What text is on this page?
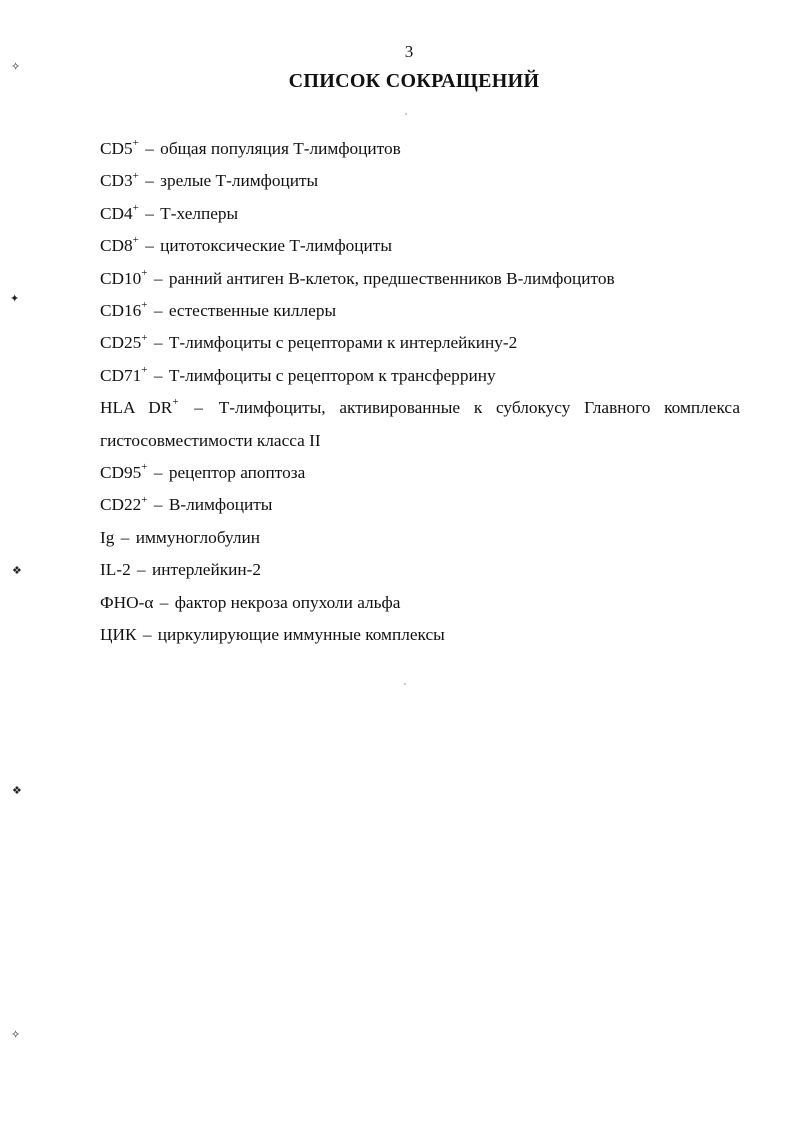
3
СПИСОК СОКРАЩЕНИЙ
CD5+ – общая популяция Т-лимфоцитов
CD3+ – зрелые Т-лимфоциты
CD4+ – Т-хелперы
CD8+ – цитотоксические Т-лимфоциты
CD10+ – ранний антиген В-клеток, предшественников В-лимфоцитов
CD16+ – естественные киллеры
CD25+ – Т-лимфоциты с рецепторами к интерлейкину-2
CD71+ – Т-лимфоциты с рецептором к трансферрину
HLA DR+ – Т-лимфоциты, активированные к сублокусу Главного комплекса гистосовместимости класса II
CD95+ – рецептор апоптоза
CD22+ – В-лимфоциты
Ig – иммуноглобулин
IL-2 – интерлейкин-2
ФНО-α – фактор некроза опухоли альфа
ЦИК – циркулирующие иммунные комплексы
✧
✦
❖
❖
✧
